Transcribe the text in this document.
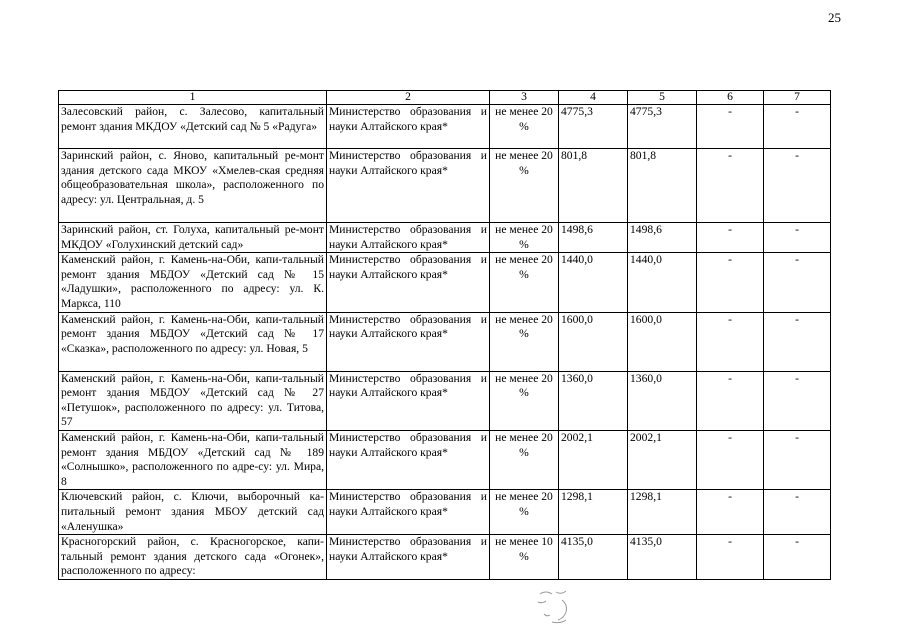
25
1	2	3	4	5	6	7
Залесовский район, с. Залесово, капитальный ремонт здания МКДОУ «Детский сад № 5 «Радуга»	Министерство образования и науки Алтайского края*	не менее 20 %	4775,3	4775,3	-	-
Заринский район, с. Яново, капитальный ре-монт здания детского сада МКОУ «Хмелев-ская средняя общеобразовательная школа», расположенного по адресу: ул. Центральная, д. 5	Министерство образования и науки Алтайского края*	не менее 20 %	801,8	801,8	-	-
Заринский район, ст. Голуха, капитальный ре-монт МКДОУ «Голухинский детский сад»	Министерство образования и науки Алтайского края*	не менее 20 %	1498,6	1498,6	-	-
Каменский район, г. Камень-на-Оби, капи-тальный ремонт здания МБДОУ «Детский сад № 15 «Ладушки», расположенного по адресу: ул. К. Маркса, 110	Министерство образования и науки Алтайского края*	не менее 20 %	1440,0	1440,0	-	-
Каменский район, г. Камень-на-Оби, капи-тальный ремонт здания МБДОУ «Детский сад № 17 «Сказка», расположенного по адресу: ул. Новая, 5	Министерство образования и науки Алтайского края*	не менее 20 %	1600,0	1600,0	-	-
Каменский район, г. Камень-на-Оби, капи-тальный ремонт здания МБДОУ «Детский сад № 27 «Петушок», расположенного по адресу: ул. Титова, 57	Министерство образования и науки Алтайского края*	не менее 20 %	1360,0	1360,0	-	-
Каменский район, г. Камень-на-Оби, капи-тальный ремонт здания МБДОУ «Детский сад № 189 «Солнышко», расположенного по адре-су: ул. Мира, 8	Министерство образования и науки Алтайского края*	не менее 20 %	2002,1	2002,1	-	-
Ключевский район, с. Ключи, выборочный ка-питальный ремонт здания МБОУ детский сад «Аленушка»	Министерство образования и науки Алтайского края*	не менее 20 %	1298,1	1298,1	-	-
Красногорский район, с. Красногорское, капи-тальный ремонт здания детского сада «Огонек», расположенного по адресу:	Министерство образования и науки Алтайского края*	не менее 10 %	4135,0	4135,0	-	-
